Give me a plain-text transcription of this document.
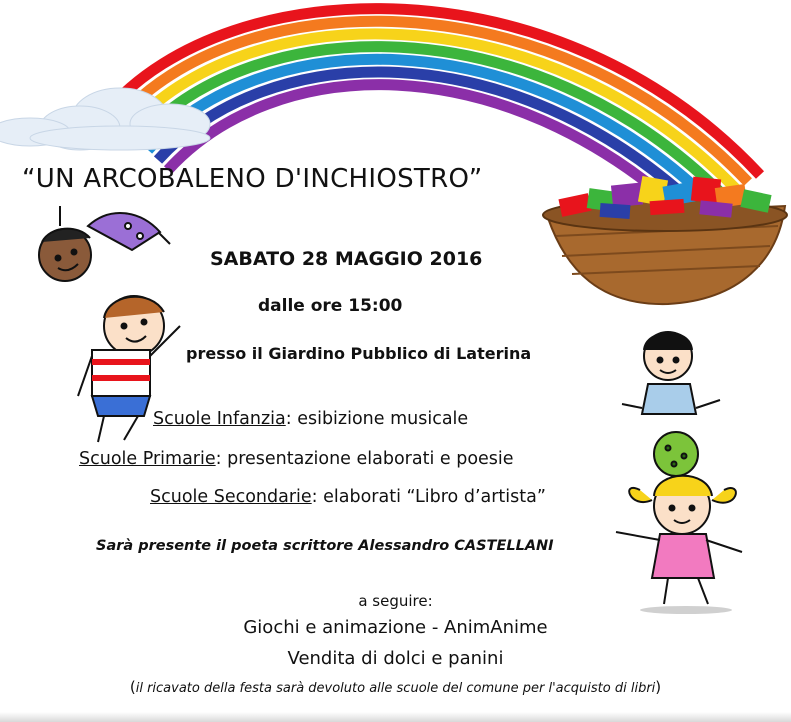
“UN ARCOBALENO D'INCHIOSTRO”
SABATO 28 MAGGIO 2016
dalle ore 15:00
presso il Giardino Pubblico di Laterina
Scuole Infanzia: esibizione musicale
Scuole Primarie: presentazione elaborati e poesie
Scuole Secondarie: elaborati “Libro d’artista”
Sarà presente il poeta scrittore Alessandro CASTELLANI
a seguire:
Giochi e animazione - AnimAnime
Vendita di dolci e panini
(il ricavato della festa sarà devoluto alle scuole del comune per l'acquisto di libri)
